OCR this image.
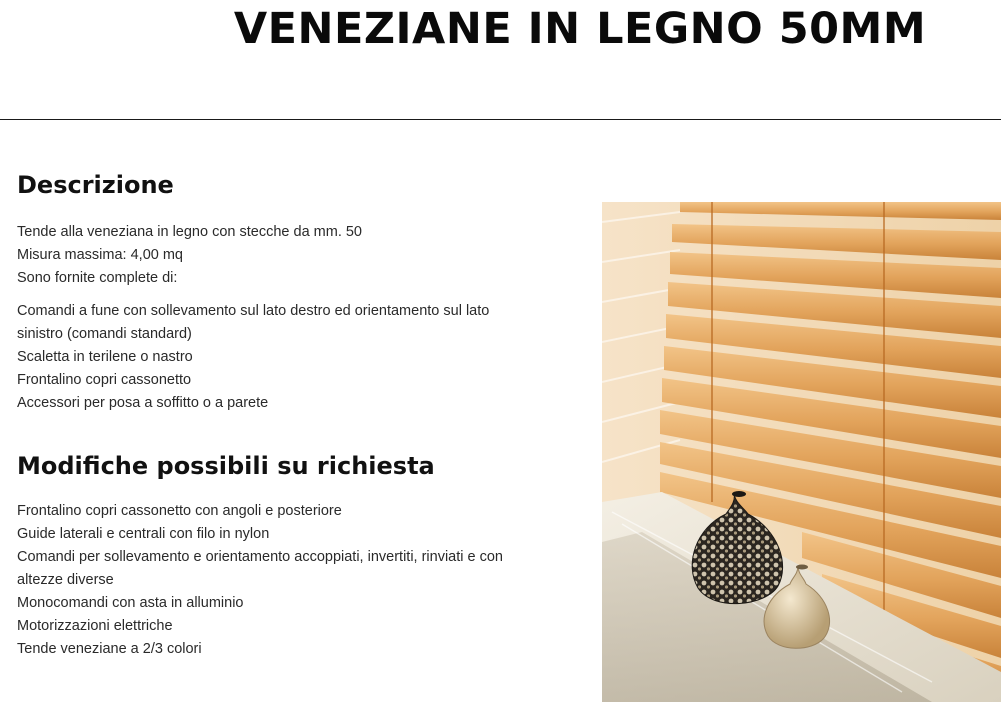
VENEZIANE IN LEGNO 50MM
Descrizione
Tende alla veneziana in legno con stecche da mm. 50
Misura massima: 4,00 mq
Sono fornite complete di:
Comandi a fune con sollevamento sul lato destro ed orientamento sul lato
sinistro (comandi standard)
Scaletta in terilene o nastro
Frontalino copri cassonetto
Accessori per posa a soffitto o a parete
Modifiche possibili su richiesta
Frontalino copri cassonetto con angoli e posteriore
Guide laterali e centrali con filo in nylon
Comandi per sollevamento e orientamento accoppiati, invertiti, rinviati e con
altezze diverse
Monocomandi con asta in alluminio
Motorizzazioni elettriche
Tende veneziane a 2/3 colori
